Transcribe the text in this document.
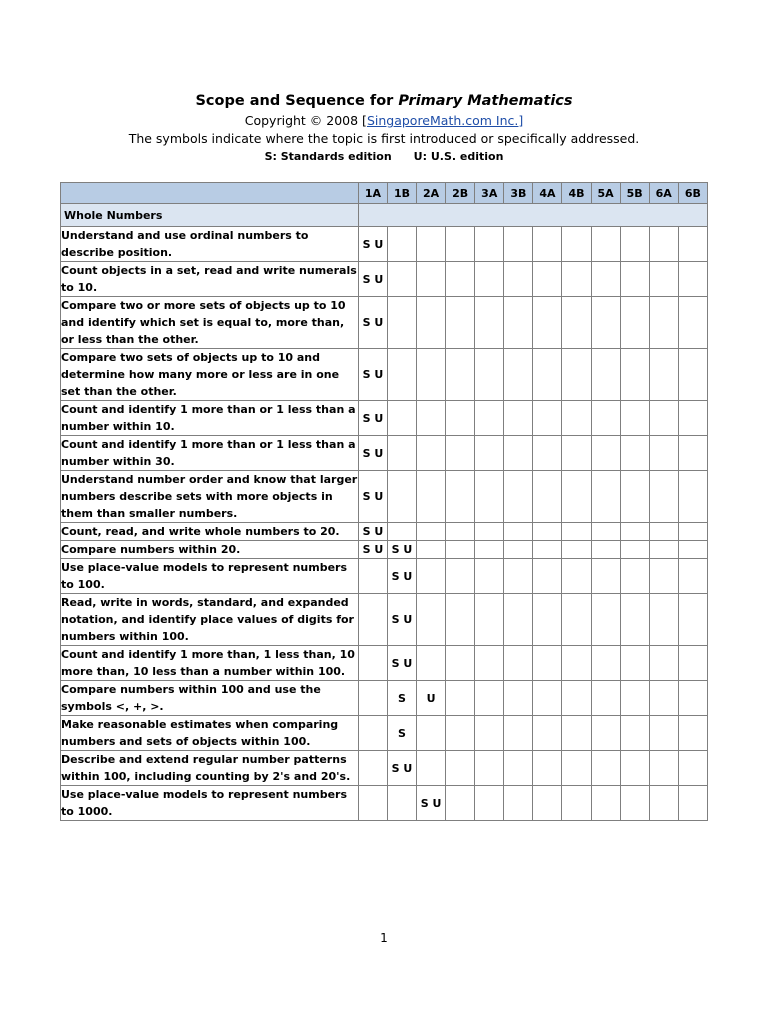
Scope and Sequence for Primary Mathematics
Copyright © 2008 [SingaporeMath.com Inc.]
The symbols indicate where the topic is first introduced or specifically addressed.
S: Standards edition U: U.S. edition
	1A	1B	2A	2B	3A	3B	4A	4B	5A	5B	6A	6B
Whole Numbers												
Understand and use ordinal numbers to describe position.	S U											
Count objects in a set, read and write numerals to 10.	S U											
Compare two or more sets of objects up to 10 and identify which set is equal to, more than, or less than the other.	S U											
Compare two sets of objects up to 10 and determine how many more or less are in one set than the other.	S U											
Count and identify 1 more than or 1 less than a number within 10.	S U											
Count and identify 1 more than or 1 less than a number within 30.	S U											
Understand number order and know that larger numbers describe sets with more objects in them than smaller numbers.	S U											
Count, read, and write whole numbers to 20.	S U											
Compare numbers within 20.	S U	S U										
Use place-value models to represent numbers to 100.		S U										
Read, write in words, standard, and expanded notation, and identify place values of digits for numbers within 100.		S U										
Count and identify 1 more than, 1 less than, 10 more than, 10 less than a number within 100.		S U										
Compare numbers within 100 and use the symbols <, +, >.		S	U									
Make reasonable estimates when comparing numbers and sets of objects within 100.		S										
Describe and extend regular number patterns within 100, including counting by 2's and 20's.		S U										
Use place-value models to represent numbers to 1000.			S U									
1
